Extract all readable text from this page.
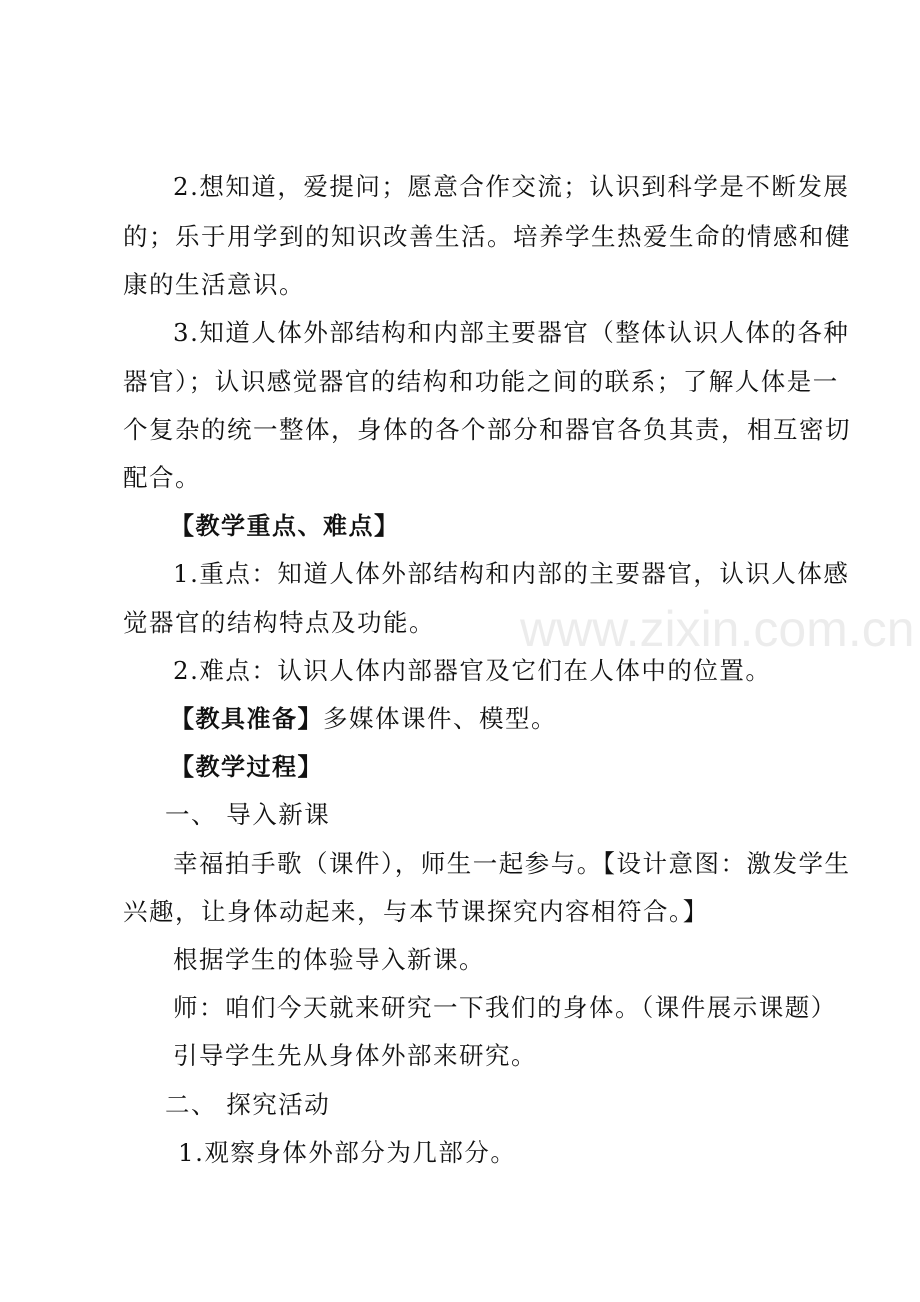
www.zixin.com.cn
2.想知道，爱提问；愿意合作交流；认识到科学是不断发展
的；乐于用学到的知识改善生活。培养学生热爱生命的情感和健
康的生活意识。
3.知道人体外部结构和内部主要器官（整体认识人体的各种
器官）；认识感觉器官的结构和功能之间的联系；了解人体是一
个复杂的统一整体，身体的各个部分和器官各负其责，相互密切
配合。
【教学重点、难点】
1.重点：知道人体外部结构和内部的主要器官，认识人体感
觉器官的结构特点及功能。
2.难点：认识人体内部器官及它们在人体中的位置。
【教具准备】多媒体课件、模型。
【教学过程】
一、 导入新课
幸福拍手歌（课件），师生一起参与。【设计意图：激发学生
兴趣，让身体动起来，与本节课探究内容相符合。】
根据学生的体验导入新课。
师：咱们今天就来研究一下我们的身体。（课件展示课题）
引导学生先从身体外部来研究。
二、 探究活动
1.观察身体外部分为几部分。
